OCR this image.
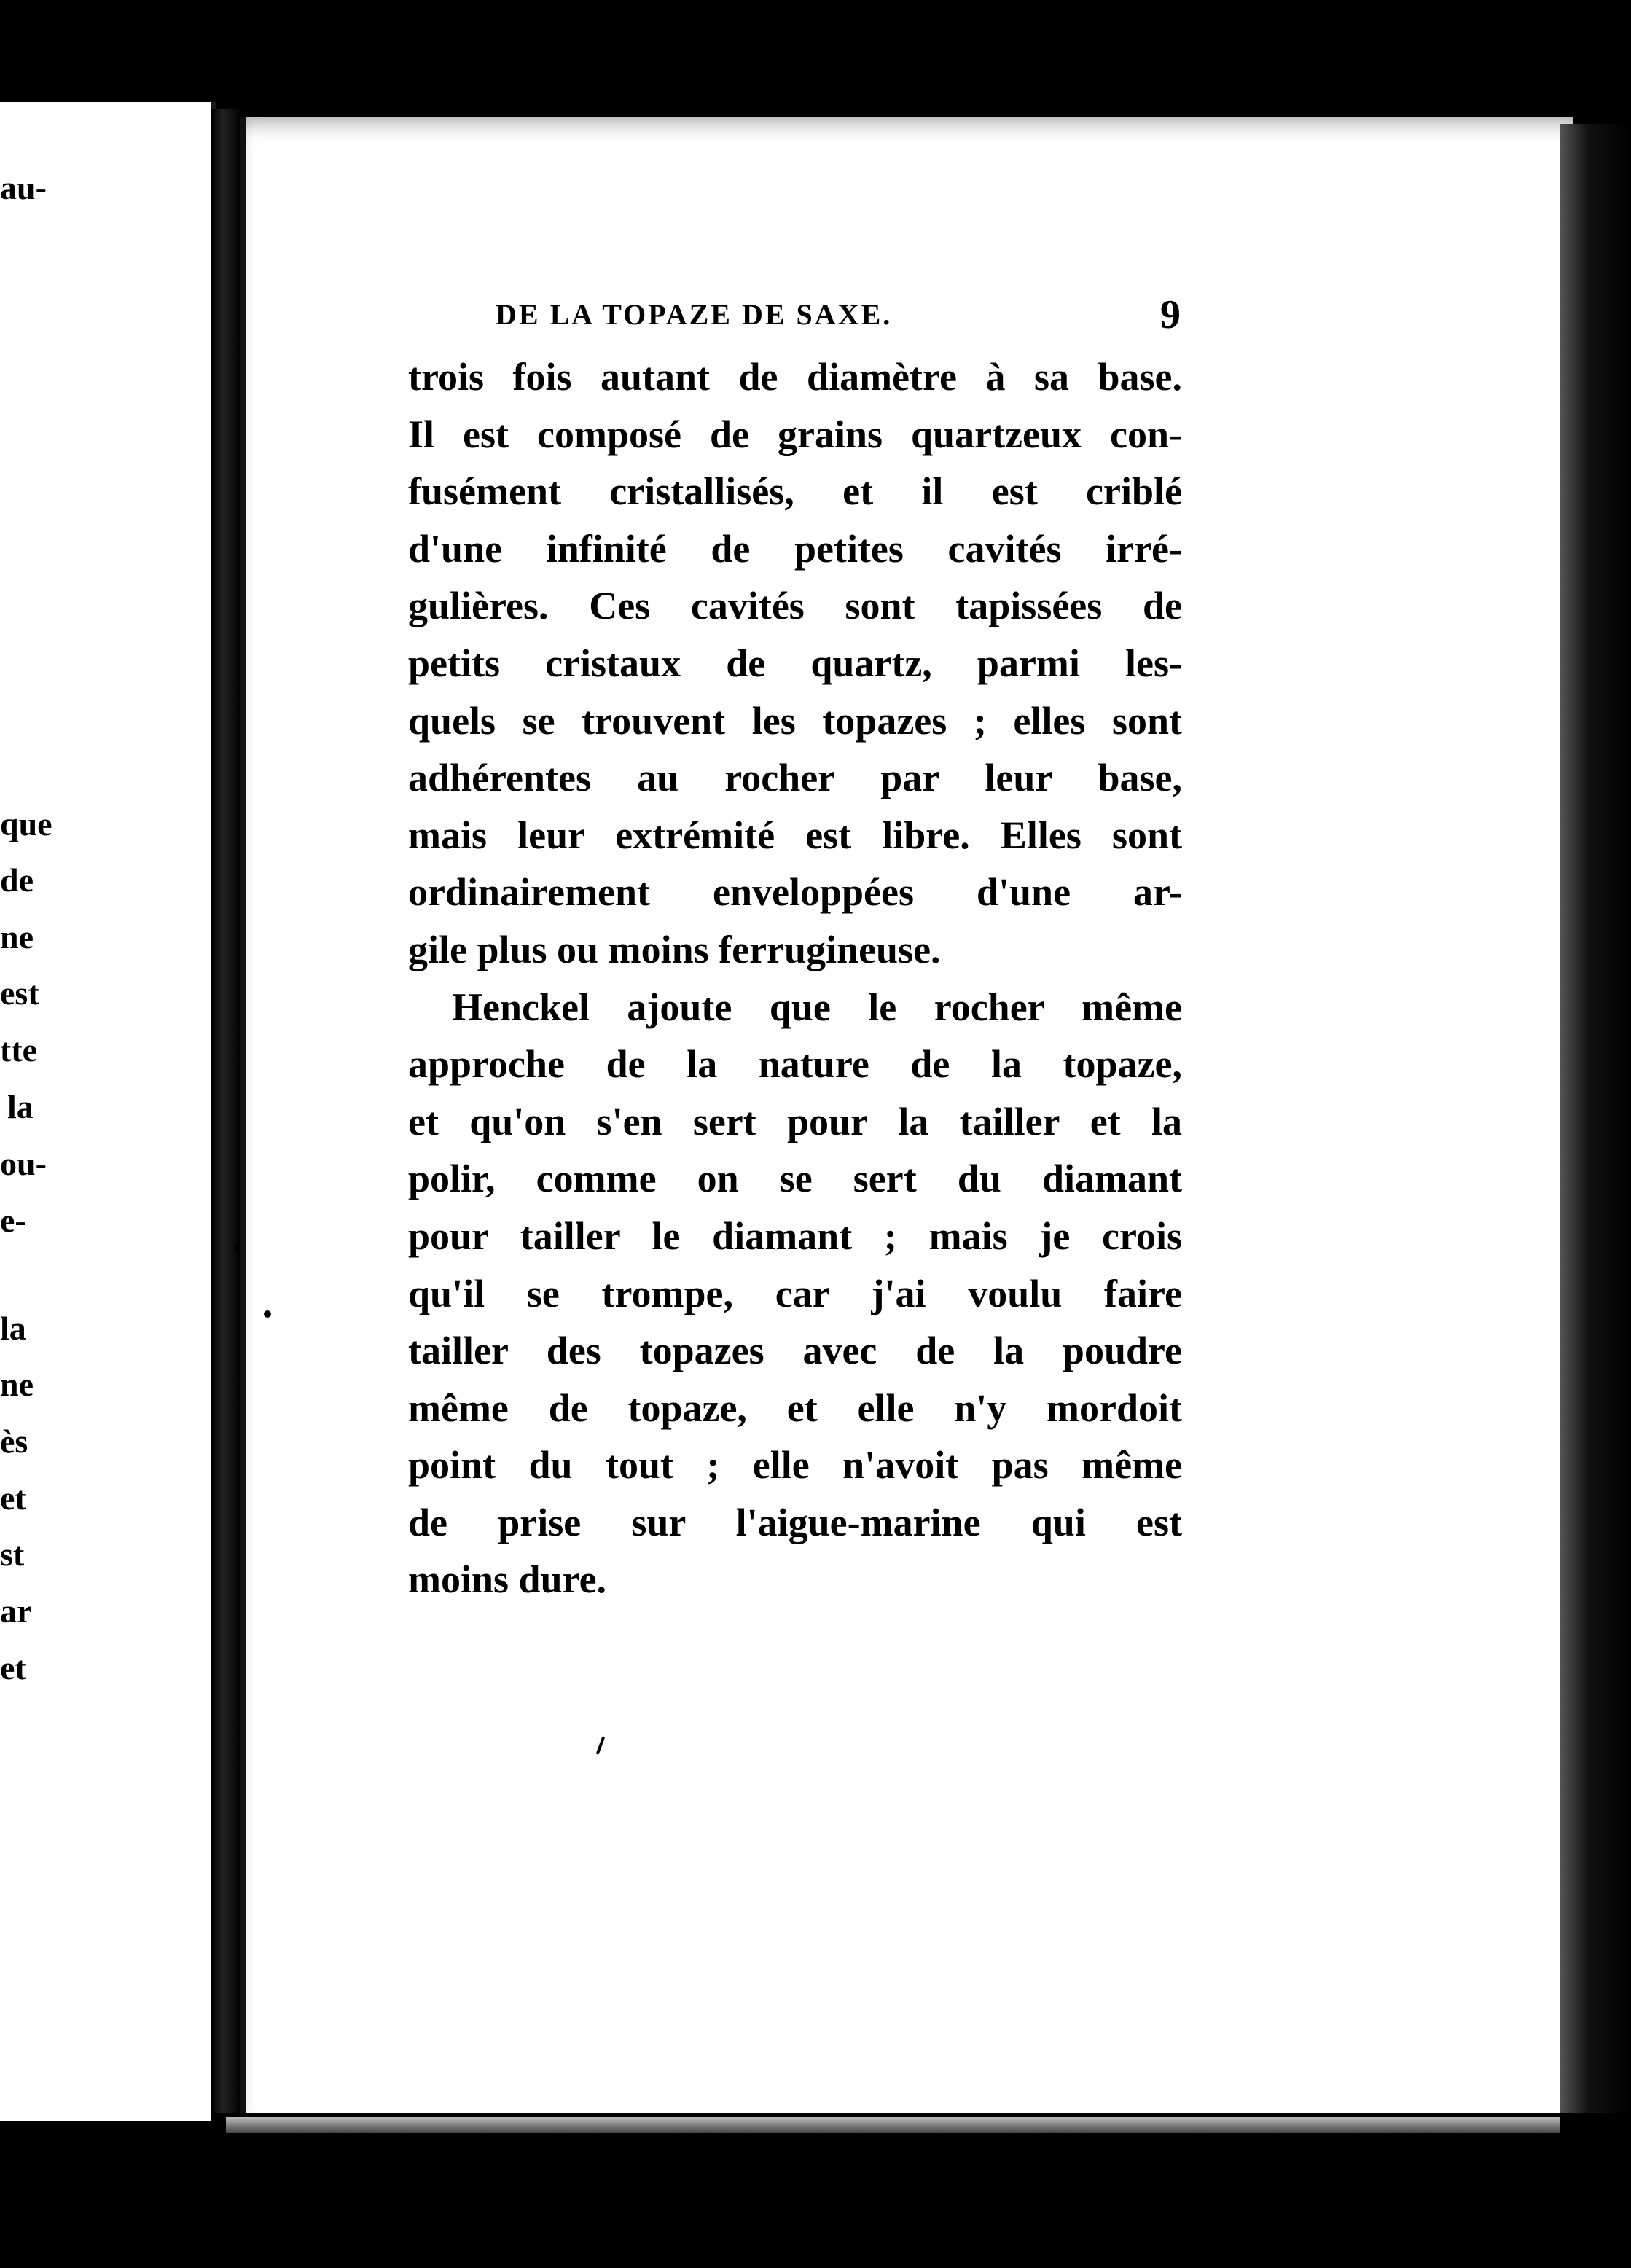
au-
que
de
ne
est
tte
la
ou-
e-
la
ne
ès
et
st
ar
et
DE LA TOPAZE DE SAXE.	9
trois fois autant de diamètre à sa base.
Il est composé de grains quartzeux con-
fusément cristallisés, et il est criblé
d'une infinité de petites cavités irré-
gulières. Ces cavités sont tapissées de
petits cristaux de quartz, parmi les-
quels se trouvent les topazes ; elles sont
adhérentes au rocher par leur base,
mais leur extrémité est libre. Elles sont
ordinairement enveloppées d'une ar-
gile plus ou moins ferrugineuse.
Henckel ajoute que le rocher même
approche de la nature de la topaze,
et qu'on s'en sert pour la tailler et la
polir, comme on se sert du diamant
pour tailler le diamant ; mais je crois
qu'il se trompe, car j'ai voulu faire
tailler des topazes avec de la poudre
même de topaze, et elle n'y mordoit
point du tout ; elle n'avoit pas même
de prise sur l'aigue-marine qui est
moins dure.
